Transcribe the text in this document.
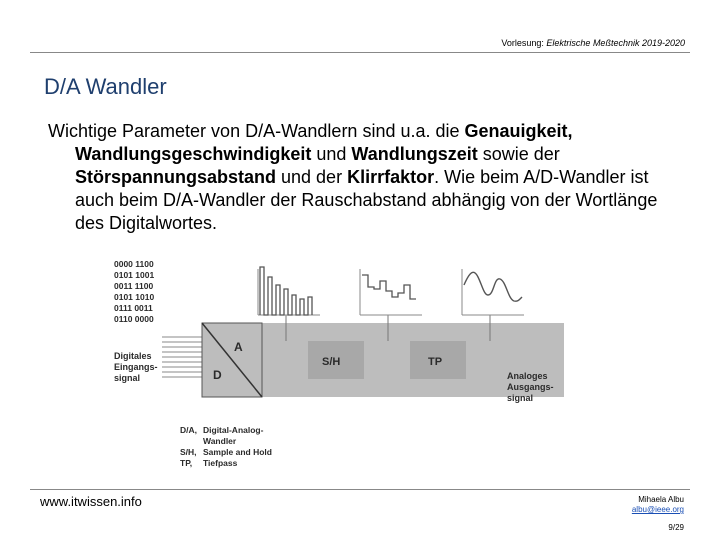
Vorlesung: Elektrische Meßtechnik 2019-2020
D/A Wandler

Wichtige Parameter von D/A-Wandlern sind u.a. die Genauigkeit, Wandlungsgeschwindigkeit und Wandlungszeit sowie der Störspannungsabstand und der Klirrfaktor. Wie beim A/D-Wandler ist auch beim D/A-Wandler der Rauschabstand abhängig von der Wortlänge des Digitalwortes.

0000 1100
0101 1001
0011 1100
0101 1010
0111 0011
0110 0000
Digitales
Eingangs-
signal
A
D
S/H	TP
Analoges
Ausgangs-
signal
D/A, Digital-Analog-
Wandler
S/H, Sample and Hold
TP, Tiefpass
www.itwissen.info	Mihaela Albu
albu@ieee.org
9/29
